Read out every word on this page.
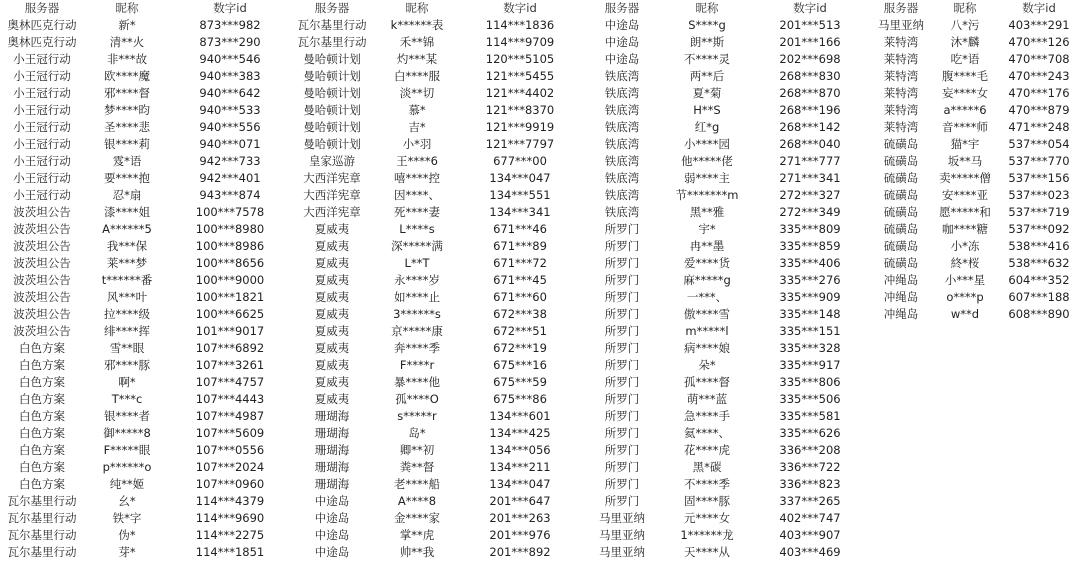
服务器	昵称	数字id
奥林匹克行动	新*	873***982
奥林匹克行动	清**火	873***290
小王冠行动	非***故	940***546
小王冠行动	欧****魔	940***383
小王冠行动	邪****督	940***642
小王冠行动	梦****昀	940***533
小王冠行动	圣****悲	940***556
小王冠行动	银****莉	940***071
小王冠行动	雭*语	942***733
小王冠行动	要****抱	942***401
小王冠行动	忍*扇	943***874
波茨坦公告	漆****姐	100***7578
波茨坦公告	A******5	100***8980
波茨坦公告	我***保	100***8986
波茨坦公告	莱***梦	100***8656
波茨坦公告	t******番	100***9000
波茨坦公告	风***叶	100***1821
波茨坦公告	拉****级	100***6625
波茨坦公告	绯****挥	101***9017
白色方案	雪**眼	107***6892
白色方案	邪****豚	107***3261
白色方案	啊*	107***4757
白色方案	T***c	107***4443
白色方案	银****者	107***4987
白色方案	御*****8	107***5609
白色方案	F*****眼	107***0556
白色方案	p******o	107***2024
白色方案	纯**姬	107***0960
瓦尔基里行动	幺*	114***4379
瓦尔基里行动	铁*字	114***9690
瓦尔基里行动	伪*	114***2275
瓦尔基里行动	芽*	114***1851
服务器	昵称	数字id
瓦尔基里行动	k******表	114***1836
瓦尔基里行动	禾**锦	114***9709
曼哈顿计划	灼***某	120***5105
曼哈顿计划	白****服	121***5455
曼哈顿计划	淡**切	121***4402
曼哈顿计划	慕*	121***8370
曼哈顿计划	吉*	121***9919
曼哈顿计划	小*羽	121***7797
皇家巡游	王****6	677***00
大西洋宪章	嘻****控	134***047
大西洋宪章	因****、	134***551
大西洋宪章	死****妻	134***341
夏威夷	L****s	671***46
夏威夷	深*****满	671***89
夏威夷	L**T	671***72
夏威夷	永****岁	671***45
夏威夷	如****止	671***60
夏威夷	3******s	672***38
夏威夷	京*****康	672***51
夏威夷	奔****季	672***19
夏威夷	F****r	675***16
夏威夷	暴****他	675***59
夏威夷	孤****O	675***86
珊瑚海	s*****r	134***601
珊瑚海	岛*	134***425
珊瑚海	卿**初	134***056
珊瑚海	粪**督	134***211
珊瑚海	老****船	134***047
中途岛	A****8	201***647
中途岛	金****家	201***263
中途岛	掌**虎	201***976
中途岛	帅**我	201***892
服务器	昵称	数字id
中途岛	S****g	201***513
中途岛	朗**斯	201***166
中途岛	不****灵	202***698
铁底湾	两**后	268***830
铁底湾	夏*菊	268***870
铁底湾	H**S	268***196
铁底湾	红*g	268***142
铁底湾	小****园	268***040
铁底湾	他*****佬	271***777
铁底湾	弱****主	271***341
铁底湾	节*******m	272***327
铁底湾	黑**雅	272***349
所罗门	宇*	335***809
所罗门	冉**墨	335***859
所罗门	爱****货	335***406
所罗门	麻*****g	335***276
所罗门	一***、	335***909
所罗门	傲****雪	335***148
所罗门	m*****l	335***151
所罗门	病****娘	335***328
所罗门	朵*	335***917
所罗门	孤****督	335***806
所罗门	萌***蓝	335***506
所罗门	急****手	335***581
所罗门	氦****、	335***626
所罗门	花****虎	336***208
所罗门	黑*碳	336***722
所罗门	不****季	336***823
所罗门	固****豚	337***265
马里亚纳	元****女	402***747
马里亚纳	1******龙	403***907
马里亚纳	天****从	403***469
服务器	昵称	数字id
马里亚纳	八*污	403***291
莱特湾	沐*麟	470***126
莱特湾	吃*语	470***708
莱特湾	腹****毛	470***243
莱特湾	妄****女	470***176
莱特湾	a*****6	470***879
莱特湾	音****师	471***248
硫磺岛	猫*宇	537***054
硫磺岛	坂**马	537***770
硫磺岛	卖*****僧	537***156
硫磺岛	安****亚	537***023
硫磺岛	愿*****和	537***719
硫磺岛	咖****糖	537***092
硫磺岛	小*冻	538***416
硫磺岛	終*桜	538***632
冲绳岛	小***星	604***352
冲绳岛	o****p	607***188
冲绳岛	w**d	608***890
